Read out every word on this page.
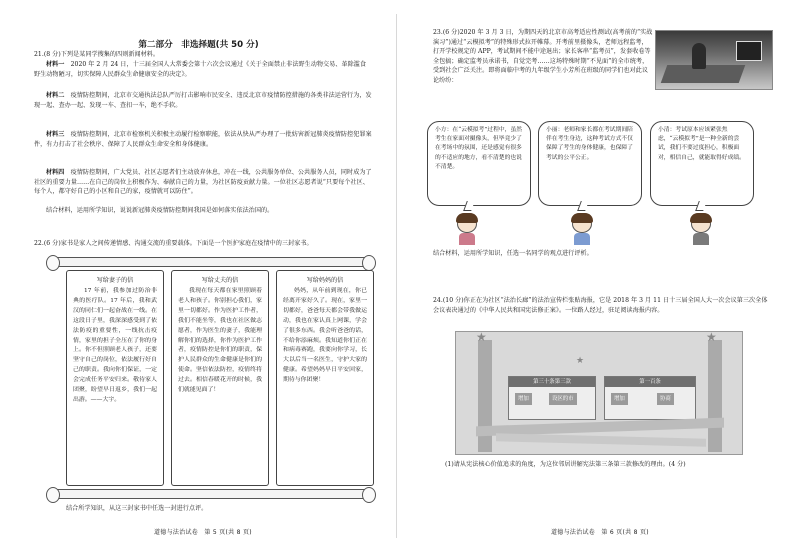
第二部分　非选择题(共 50 分)
21.(8 分)下列是某同学搜集的四则新闻材料。
材料一　 2020 年 2 月 24 日，十三届全国人大常委会第十六次会议通过《关于全面禁止非法野生动物交易、革除滥食野生动物陋习，切实保障人民群众生命健康安全的决定》。
材料二　 疫情防控期间，北京市交通执法总队严厉打击影响市民安全、违反北京市疫情防控措施的各类非法运营行为，发现一起、查办一起、发现一车、查扣一车，绝不手软。
材料三　 疫情防控期间，北京市检察机关积极主动履行检察职能，依法从快从严办理了一批妨害新冠肺炎疫情防控犯罪案件，有力打击了社会秩序、保障了人民群众生命安全和身体健康。
材料四　 疫情防控期间，广大党员、社区志愿者们主动放弃休息，冲在一线，公共服务单位、公共服务人员，同时成为了社区的重要力量……在自己的岗位上积极作为、奉献自己的力量，为社区防疫贡献力量。一位社区志愿者说“只要每个社区、每个人，都守好自己的小区和自己的家，疫情就可以防住”。
结合材料，运用所学知识，说说新冠肺炎疫情防控期间我国是如何落实依法治国的。
22.(6 分)家书是家人之间传递情感、沟通交流的重要载体。下面是一个医护家庭在疫情中的三封家书。
写给妻子的信
17 年前，我参加过防治非典的医疗队。17 年后，我和武汉的同仁们一起奋战在一线。在这段日子里，我深深感受到了依法防疫的重要性，一线抗击疫情，家里的担子全压在了你的身上。你不但照顾老人孩子，还要坚守自己的岗位，依法履行好自己的职责。我向你们保证，一定会完成任务平安归来。敬待家人团聚，盼望早日返乡，我们一起出游。——大宇。
写给丈夫的信
我现在每天都在家里照顾着老人和孩子。你别担心我们，家里一切都好。作为医护工作者，我们不能坐等，我也在社区做志愿者，作为医生的妻子，我能理解你们的选择，你作为医护工作者，疫情防控是你们的职责，保护人民群众的生命健康是你们的使命。坚信依法防控，疫情终将过去。相信春暖花开的时候，我们就能见面了！
写给妈妈的信
妈妈，从年前到现在，你已经离开家好久了。现在，家里一切都好，爸爸每天都会带我做运动，我也在家认真上网课，学会了很多东西。我会听爸爸的话，不给你添麻烦。我知道你们正在和病毒赛跑，我要向你学习，长大以后当一名医生，守护大家的健康。希望妈妈早日平安回家，期待与你团聚！
结合所学知识，从这三封家书中任选一封进行点评。
道德与法治试卷　第 5 页(共 8 页)
23.(6 分)2020 年 3 月 3 日，为期四天的北京市高考适应性测试(高考前的“实战演习”)通过“云模拟考”的特殊形式拉开帷幕。开考前里摄像头，老师远程监考，打开学校规定的 APP，考试期间不能中途退出；家长客串“监考员”，发套收卷等全包搞；确定监考员承诺书，自觉完考……这场特殊时期“不见面”的全市统考，受到社会广泛关注。即将面临中考的九年级学生小芳所在班级的同学们也对此议论纷纷：
小方：在“云模拟考”过程中，虽然考生在家面对摄像头，但毕竟少了在考场中的氛围，还是感觉有很多的不适应的地方，看不清楚的也说不清楚。
小丽：老师和家长都在考试期间陪伴在考生身边，这种考试方式不仅保障了考生的身体健康，也保障了考试的公平公正。
小清：考试原本应该紧张焦虑，“云模拟考”是一种全新的尝试，我们不要过度担心，积极面对，相信自己，就能取得好成绩。
结合材料，运用所学知识，任选一名同学的观点进行评析。
24.(10 分)你正在为社区“法治长廊”的法治宣传栏张贴海报，它是 2018 年 3 月 11 日十三届全国人大一次会议第三次全体会议表决通过的《中华人民共和国宪法修正案》。一位路人经过，驻足阅读海报内容。
★	★
★
第三十条第三款
增加	设区的市
第一百条
增加	协商
(1)请从宪法核心价值追求的角度，为这位邻居讲解宪法第三条第三款修改的理由。(4 分)
道德与法治试卷　第 6 页(共 8 页)
